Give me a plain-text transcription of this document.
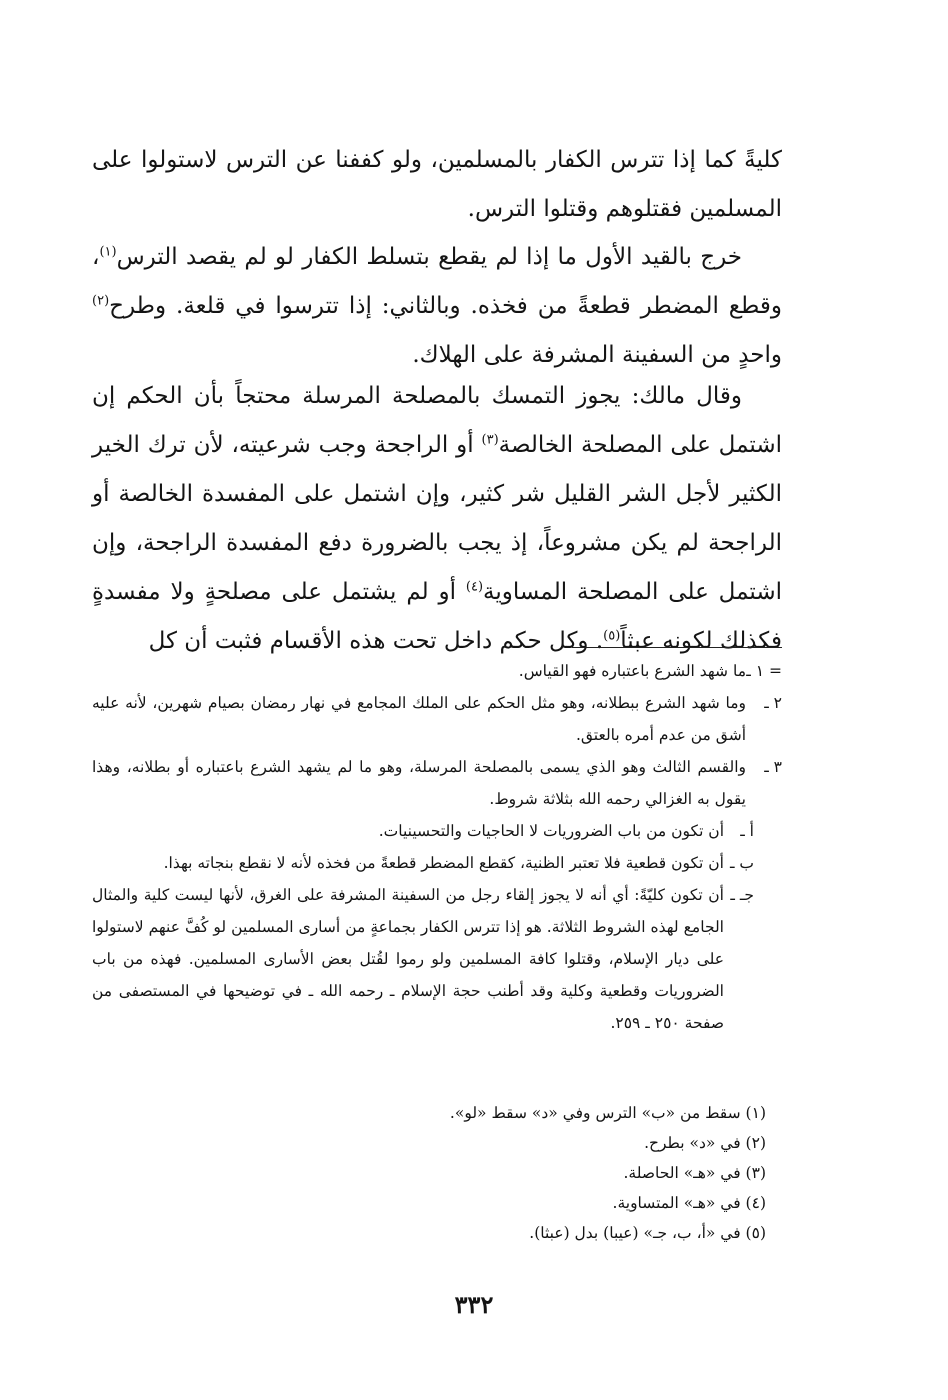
كليةً كما إذا تترس الكفار بالمسلمين، ولو كففنا عن الترس لاستولوا على المسلمين فقتلوهم وقتلوا الترس.

خرج بالقيد الأول ما إذا لم يقطع بتسلط الكفار لو لم يقصد الترس$^{(١)}$، وقطع المضطر قطعةً من فخذه. وبالثاني: إذا تترسوا في قلعة. وطرح$^{(٢)}$ واحدٍ من السفينة المشرفة على الهلاك.

وقال مالك: يجوز التمسك بالمصلحة المرسلة محتجاً بأن الحكم إن اشتمل على المصلحة الخالصة$^{(٣)}$ أو الراجحة وجب شرعيته، لأن ترك الخير الكثير لأجل الشر القليل شر كثير، وإن اشتمل على المفسدة الخالصة أو الراجحة لم يكن مشروعاً، إذ يجب بالضرورة دفع المفسدة الراجحة، وإن اشتمل على المصلحة المساوية$^{(٤)}$ أو لم يشتمل على مصلحةٍ ولا مفسدةٍ فكذلك لكونه عبثاً$^{(٥)}$. وكل حكم داخل تحت هذه الأقسام فثبت أن كل

= ١ ـ
ما شهد الشرع باعتباره فهو القياس.
٢ ـ
وما شهد الشرع ببطلانه، وهو مثل الحكم على الملك المجامع في نهار رمضان بصيام شهرين، لأنه عليه أشق من عدم أمره بالعتق.
٣ ـ
والقسم الثالث وهو الذي يسمى بالمصلحة المرسلة، وهو ما لم يشهد الشرع باعتباره أو بطلانه، وهذا يقول به الغزالي رحمه الله بثلاثة شروط.
أ ـ
أن تكون من باب الضروريات لا الحاجيات والتحسينيات.
ب ـ
أن تكون قطعية فلا تعتبر الظنية، كقطع المضطر قطعةً من فخذه لأنه لا نقطع بنجاته بهذا.
جـ ـ
أن تكون كليّةً: أي أنه لا يجوز إلقاء رجل من السفينة المشرفة على الغرق، لأنها ليست كلية والمثال الجامع لهذه الشروط الثلاثة. هو إذا تترس الكفار بجماعةٍ من أسارى المسلمين لو كُفَّ عنهم لاستولوا على ديار الإسلام، وقتلوا كافة المسلمين ولو رموا لقُتل بعض الأسارى المسلمين. فهذه من باب الضروريات وقطعية وكلية وقد أطنب حجة الإسلام ـ رحمه الله ـ في توضيحها في المستصفى من صفحة ٢٥٠ ـ ٢٥٩.
(١) سقط من «ب» الترس وفي «د» سقط «لو».
(٢) في «د» بطرح.
(٣) في «هـ» الحاصلة.
(٤) في «هـ» المتساوية.
(٥) في «أ، ب، جـ» (عيبا) بدل (عبثا).
٣٣٢
